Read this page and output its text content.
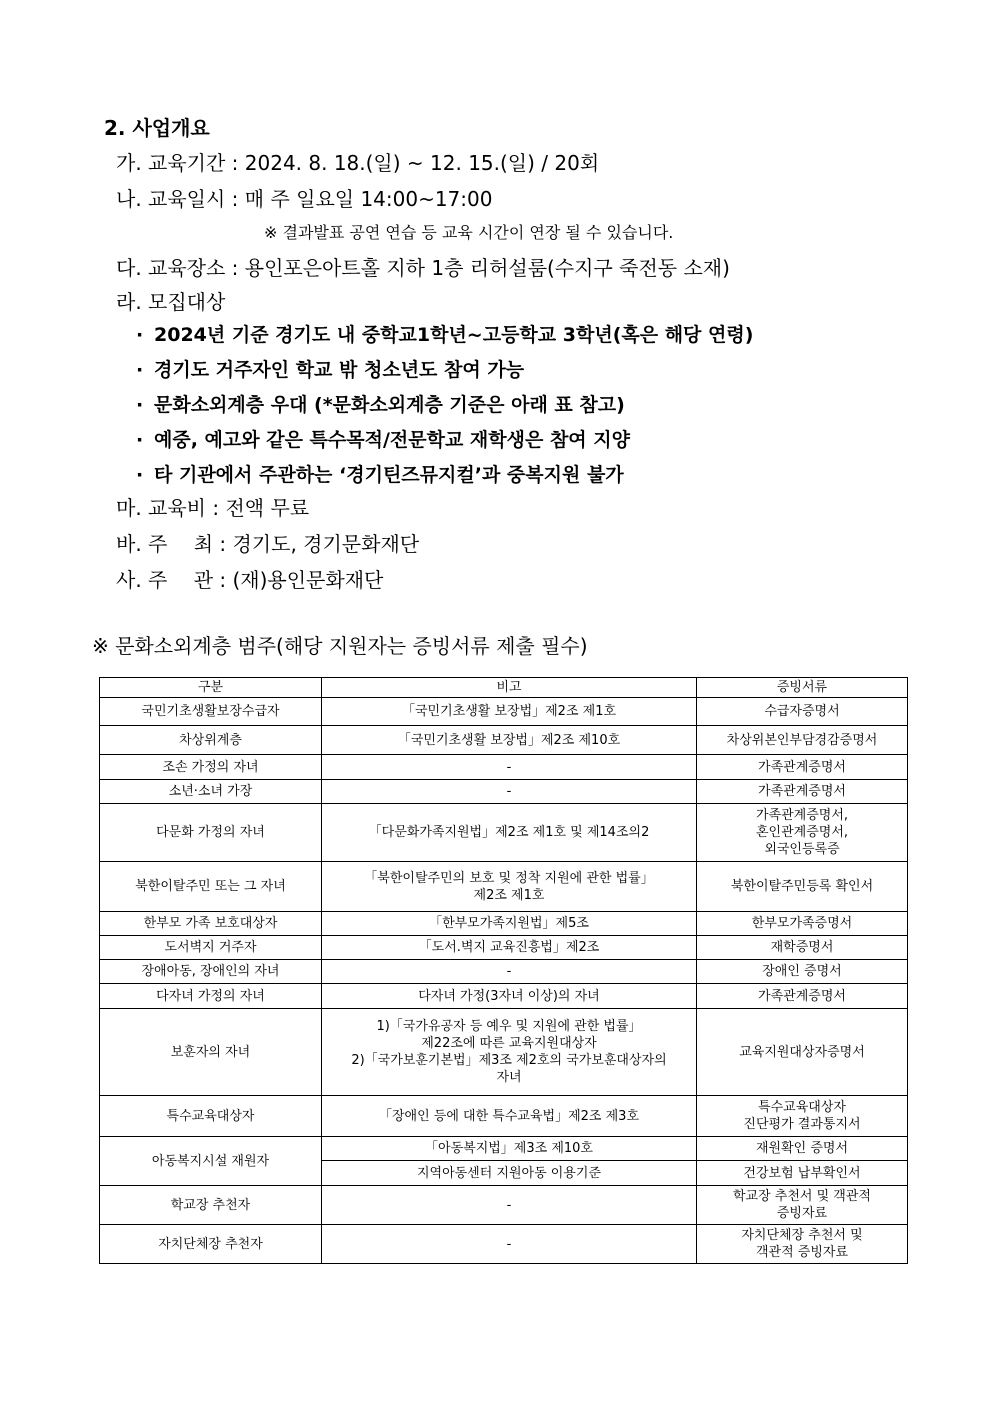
2. 사업개요
가. 교육기간 : 2024. 8. 18.(일) ~ 12. 15.(일) / 20회
나. 교육일시 : 매 주 일요일 14:00~17:00
※ 결과발표 공연 연습 등 교육 시간이 연장 될 수 있습니다.
다. 교육장소 : 용인포은아트홀 지하 1층 리허설룸(수지구 죽전동 소재)
라. 모집대상
· 2024년 기준 경기도 내 중학교1학년~고등학교 3학년(혹은 해당 연령)
· 경기도 거주자인 학교 밖 청소년도 참여 가능
· 문화소외계층 우대 (*문화소외계층 기준은 아래 표 참고)
· 예중, 예고와 같은 특수목적/전문학교 재학생은 참여 지양
· 타 기관에서 주관하는 ‘경기틴즈뮤지컬’과 중복지원 불가
마. 교육비 : 전액 무료
바. 주　 최 : 경기도, 경기문화재단
사. 주　 관 : (재)용인문화재단
※ 문화소외계층 범주(해당 지원자는 증빙서류 제출 필수)
구분	비고	증빙서류
국민기초생활보장수급자	「국민기초생활 보장법」제2조 제1호	수급자증명서
차상위계층	「국민기초생활 보장법」제2조 제10호	차상위본인부담경감증명서
조손 가정의 자녀	-	가족관계증명서
소년·소녀 가장	-	가족관계증명서
다문화 가정의 자녀	「다문화가족지원법」제2조 제1호 및 제14조의2	가족관계증명서,
혼인관계증명서,
외국인등록증

북한이탈주민 또는 그 자녀	「북한이탈주민의 보호 및 정착 지원에 관한 법률」
제2조 제1호	북한이탈주민등록 확인서
한부모 가족 보호대상자	「한부모가족지원법」제5조	한부모가족증명서
도서벽지 거주자	「도서.벽지 교육진흥법」제2조	재학증명서
장애아동, 장애인의 자녀	-	장애인 증명서
다자녀 가정의 자녀	다자녀 가정(3자녀 이상)의 자녀	가족관계증명서
보훈자의 자녀	1)「국가유공자 등 예우 및 지원에 관한 법률」
제22조에 따른 교육지원대상자
2)「국가보훈기본법」제3조 제2호의 국가보훈대상자의
자녀	교육지원대상자증명서
특수교육대상자	「장애인 등에 대한 특수교육법」제2조 제3호	특수교육대상자
진단평가 결과통지서

아동복지시설 재원자	「아동복지법」제3조 제10호	재원확인 증명서
	지역아동센터 지원아동 이용기준	건강보험 납부확인서
학교장 추천자	-	학교장 추천서 및 객관적
증빙자료

자치단체장 추천자	-	자치단체장 추천서 및
객관적 증빙자료
